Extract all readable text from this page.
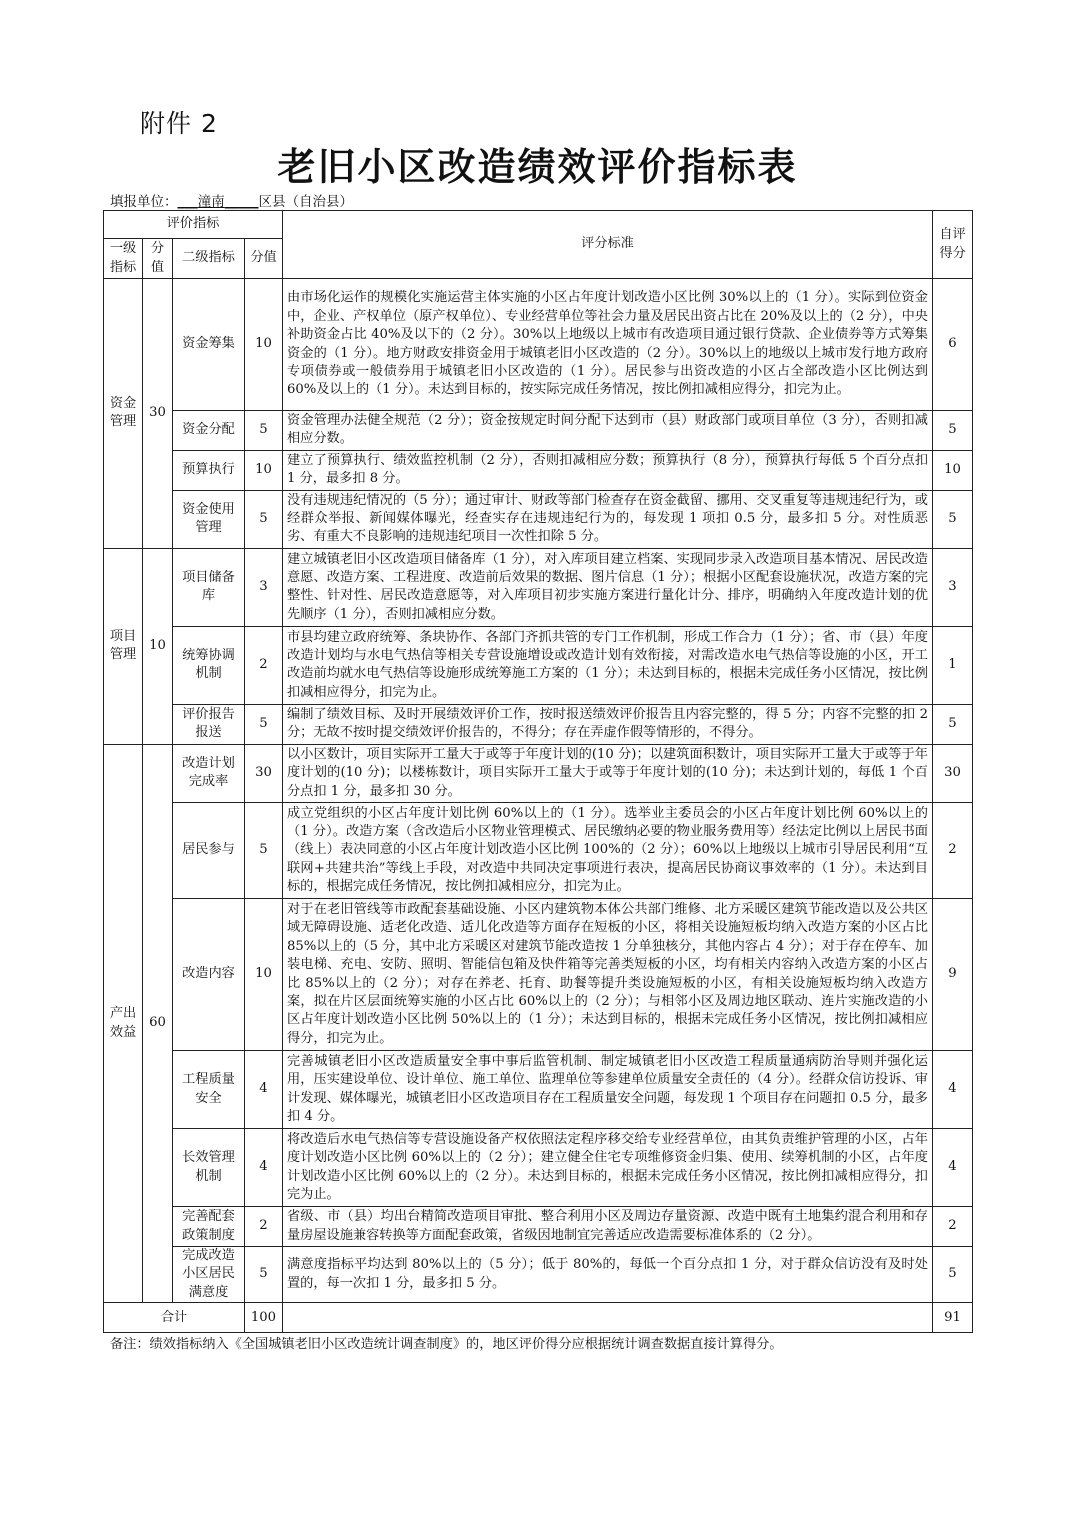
附件 2
老旧小区改造绩效评价指标表
填报单位：___潼南_____区县（自治县）
评价指标				评分标准	自评得分
一级指标	分值	二级指标	分值		
资金管理	30	资金筹集	10	由市场化运作的规模化实施运营主体实施的小区占年度计划改造小区比例 30%以上的（1 分）。实际到位资金中，企业、产权单位（原产权单位）、专业经营单位等社会力量及居民出资占比在 20%及以上的（2 分），中央补助资金占比 40%及以下的（2 分）。30%以上地级以上城市有改造项目通过银行贷款、企业债券等方式筹集资金的（1 分）。地方财政安排资金用于城镇老旧小区改造的（2 分）。30%以上的地级以上城市发行地方政府专项债券或一般债券用于城镇老旧小区改造的（1 分）。居民参与出资改造的小区占全部改造小区比例达到 60%及以上的（1 分）。未达到目标的，按实际完成任务情况，按比例扣减相应得分，扣完为止。	6
		资金分配	5	资金管理办法健全规范（2 分）；资金按规定时间分配下达到市（县）财政部门或项目单位（3 分），否则扣减相应分数。	5
		预算执行	10	建立了预算执行、绩效监控机制（2 分），否则扣减相应分数；预算执行（8 分），预算执行每低 5 个百分点扣 1 分，最多扣 8 分。	10
		资金使用管理	5	没有违规违纪情况的（5 分）；通过审计、财政等部门检查存在资金截留、挪用、交叉重复等违规违纪行为，或经群众举报、新闻媒体曝光，经查实存在违规违纪行为的，每发现 1 项扣 0.5 分，最多扣 5 分。对性质恶劣、有重大不良影响的违规违纪项目一次性扣除 5 分。	5
项目管理	10	项目储备库	3	建立城镇老旧小区改造项目储备库（1 分），对入库项目建立档案、实现同步录入改造项目基本情况、居民改造意愿、改造方案、工程进度、改造前后效果的数据、图片信息（1 分）；根据小区配套设施状况，改造方案的完整性、针对性、居民改造意愿等，对入库项目初步实施方案进行量化计分、排序，明确纳入年度改造计划的优先顺序（1 分），否则扣减相应分数。	3
		统筹协调机制	2	市县均建立政府统筹、条块协作、各部门齐抓共管的专门工作机制，形成工作合力（1 分）；省、市（县）年度改造计划均与水电气热信等相关专营设施增设或改造计划有效衔接，对需改造水电气热信等设施的小区，开工改造前均就水电气热信等设施形成统筹施工方案的（1 分）；未达到目标的，根据未完成任务小区情况，按比例扣减相应得分，扣完为止。	1
		评价报告报送	5	编制了绩效目标、及时开展绩效评价工作，按时报送绩效评价报告且内容完整的，得 5 分；内容不完整的扣 2 分；无故不按时提交绩效评价报告的，不得分；存在弄虚作假等情形的，不得分。	5
产出效益	60	改造计划完成率	30	以小区数计，项目实际开工量大于或等于年度计划的(10 分)；以建筑面积数计，项目实际开工量大于或等于年度计划的(10 分)；以楼栋数计，项目实际开工量大于或等于年度计划的(10 分)；未达到计划的，每低 1 个百分点扣 1 分，最多扣 30 分。	30
		居民参与	5	成立党组织的小区占年度计划比例 60%以上的（1 分）。选举业主委员会的小区占年度计划比例 60%以上的（1 分）。改造方案（含改造后小区物业管理模式、居民缴纳必要的物业服务费用等）经法定比例以上居民书面（线上）表决同意的小区占年度计划改造小区比例 100%的（2 分）；60%以上地级以上城市引导居民利用“互联网+共建共治”等线上手段，对改造中共同决定事项进行表决，提高居民协商议事效率的（1 分）。未达到目标的，根据完成任务情况，按比例扣减相应分，扣完为止。	2
		改造内容	10	对于在老旧管线等市政配套基础设施、小区内建筑物本体公共部门维修、北方采暖区建筑节能改造以及公共区域无障碍设施、适老化改造、适儿化改造等方面存在短板的小区，将相关设施短板均纳入改造方案的小区占比 85%以上的（5 分，其中北方采暖区对建筑节能改造按 1 分单独核分，其他内容占 4 分）；对于存在停车、加装电梯、充电、安防、照明、智能信包箱及快件箱等完善类短板的小区，均有相关内容纳入改造方案的小区占比 85%以上的（2 分）；对存在养老、托育、助餐等提升类设施短板的小区，有相关设施短板均纳入改造方案，拟在片区层面统筹实施的小区占比 60%以上的（2 分）；与相邻小区及周边地区联动、连片实施改造的小区占年度计划改造小区比例 50%以上的（1 分）；未达到目标的，根据未完成任务小区情况，按比例扣减相应得分，扣完为止。	9
		工程质量安全	4	完善城镇老旧小区改造质量安全事中事后监管机制、制定城镇老旧小区改造工程质量通病防治导则并强化运用，压实建设单位、设计单位、施工单位、监理单位等参建单位质量安全责任的（4 分）。经群众信访投诉、审计发现、媒体曝光，城镇老旧小区改造项目存在工程质量安全问题，每发现 1 个项目存在问题扣 0.5 分，最多扣 4 分。	4
		长效管理机制	4	将改造后水电气热信等专营设施设备产权依照法定程序移交给专业经营单位，由其负责维护管理的小区，占年度计划改造小区比例 60%以上的（2 分）；建立健全住宅专项维修资金归集、使用、续筹机制的小区，占年度计划改造小区比例 60%以上的（2 分）。未达到目标的，根据未完成任务小区情况，按比例扣减相应得分，扣完为止。	4
		完善配套政策制度	2	省级、市（县）均出台精简改造项目审批、整合利用小区及周边存量资源、改造中既有土地集约混合利用和存量房屋设施兼容转换等方面配套政策，省级因地制宜完善适应改造需要标准体系的（2 分）。	2
		完成改造小区居民满意度	5	满意度指标平均达到 80%以上的（5 分）；低于 80%的，每低一个百分点扣 1 分，对于群众信访没有及时处置的，每一次扣 1 分，最多扣 5 分。	5
合计			100		91
备注：绩效指标纳入《全国城镇老旧小区改造统计调查制度》的，地区评价得分应根据统计调查数据直接计算得分。
